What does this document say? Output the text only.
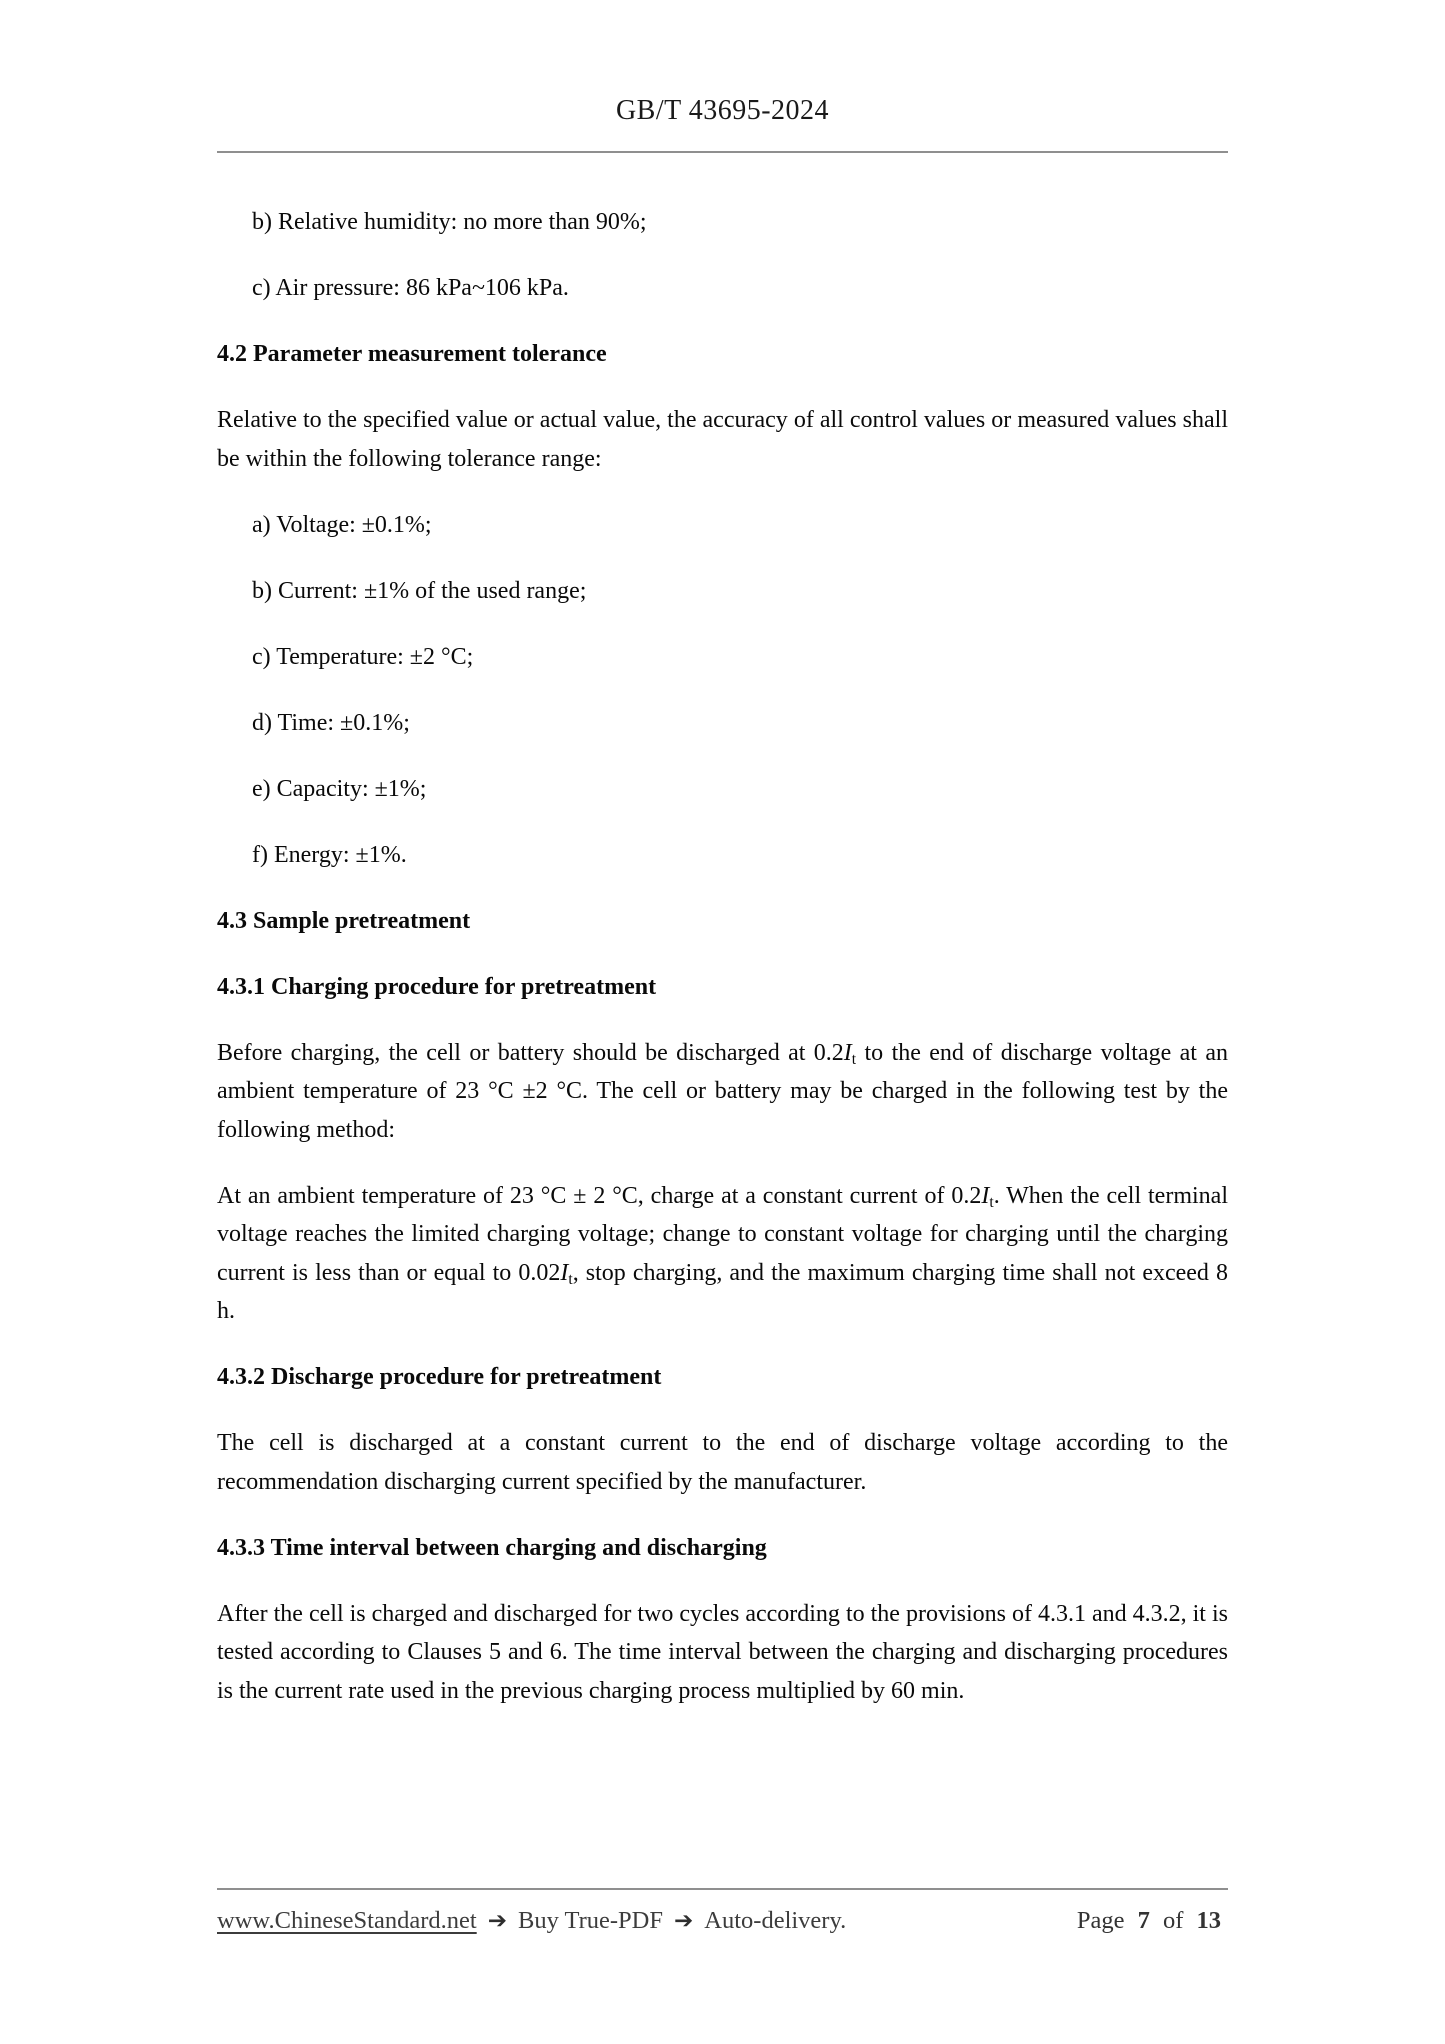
GB/T 43695-2024
b) Relative humidity: no more than 90%;
c) Air pressure: 86 kPa~106 kPa.
4.2 Parameter measurement tolerance
Relative to the specified value or actual value, the accuracy of all control values or measured values shall be within the following tolerance range:
a) Voltage: ±0.1%;
b) Current: ±1% of the used range;
c) Temperature: ±2 °C;
d) Time: ±0.1%;
e) Capacity: ±1%;
f) Energy: ±1%.
4.3 Sample pretreatment
4.3.1 Charging procedure for pretreatment
Before charging, the cell or battery should be discharged at $0.2I_t$ to the end of discharge voltage at an ambient temperature of 23 °C ±2 °C. The cell or battery may be charged in the following test by the following method:
At an ambient temperature of 23 °C ± 2 °C, charge at a constant current of $0.2I_t$. When the cell terminal voltage reaches the limited charging voltage; change to constant voltage for charging until the charging current is less than or equal to $0.02I_t$, stop charging, and the maximum charging time shall not exceed 8 h.
4.3.2 Discharge procedure for pretreatment
The cell is discharged at a constant current to the end of discharge voltage according to the recommendation discharging current specified by the manufacturer.
4.3.3 Time interval between charging and discharging
After the cell is charged and discharged for two cycles according to the provisions of 4.3.1 and 4.3.2, it is tested according to Clauses 5 and 6. The time interval between the charging and discharging procedures is the current rate used in the previous charging process multiplied by 60 min.
www.ChineseStandard.net ➔ Buy True-PDF ➔ Auto-delivery.	Page 7 of 13
